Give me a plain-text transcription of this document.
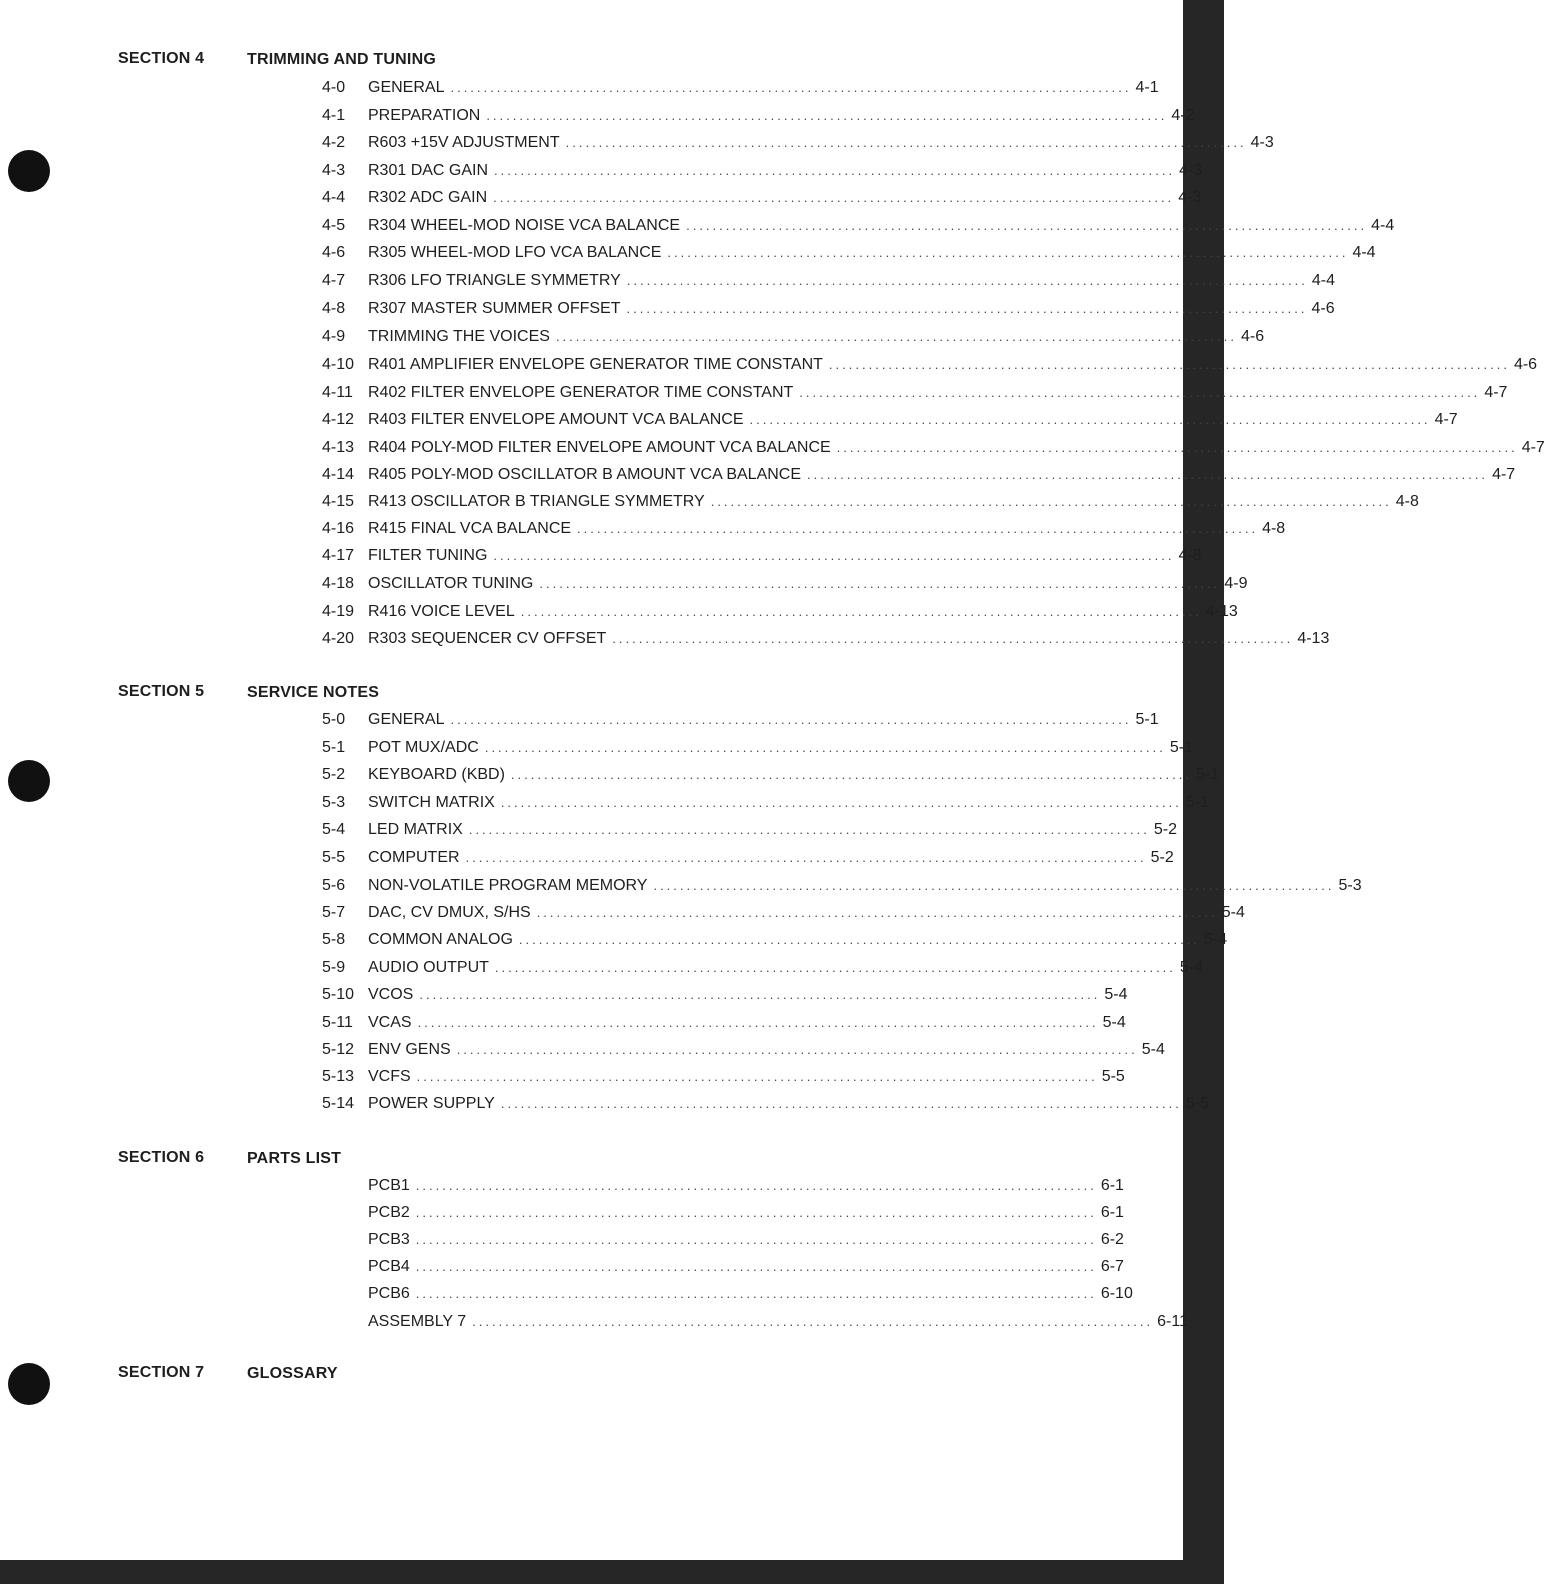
SECTION 4	TRIMMING AND TUNING
4-0	GENERAL ....................................................................................................... 4-1
4-1	PREPARATION ....................................................................................................... 4-2
4-2	R603 +15V ADJUSTMENT ....................................................................................................... 4-3
4-3	R301 DAC GAIN ....................................................................................................... 4-3
4-4	R302 ADC GAIN ....................................................................................................... 4-3
4-5	R304 WHEEL-MOD NOISE VCA BALANCE ....................................................................................................... 4-4
4-6	R305 WHEEL-MOD LFO VCA BALANCE ....................................................................................................... 4-4
4-7	R306 LFO TRIANGLE SYMMETRY ....................................................................................................... 4-4
4-8	R307 MASTER SUMMER OFFSET ....................................................................................................... 4-6
4-9	TRIMMING THE VOICES ....................................................................................................... 4-6
4-10 R401 AMPLIFIER ENVELOPE GENERATOR TIME CONSTANT ....................................................................................................... 4-6
4-11 R402 FILTER ENVELOPE GENERATOR TIME CONSTANT ....................................................................................................... 4-7
4-12 R403 FILTER ENVELOPE AMOUNT VCA BALANCE ....................................................................................................... 4-7
4-13 R404 POLY-MOD FILTER ENVELOPE AMOUNT VCA BALANCE ....................................................................................................... 4-7
4-14 R405 POLY-MOD OSCILLATOR B AMOUNT VCA BALANCE ....................................................................................................... 4-7
4-15 R413 OSCILLATOR B TRIANGLE SYMMETRY ....................................................................................................... 4-8
4-16 R415 FINAL VCA BALANCE ....................................................................................................... 4-8
4-17 FILTER TUNING ....................................................................................................... 4-8
4-18 OSCILLATOR TUNING ....................................................................................................... 4-9
4-19 R416 VOICE LEVEL ....................................................................................................... 4-13
4-20 R303 SEQUENCER CV OFFSET ....................................................................................................... 4-13
SECTION 5	SERVICE NOTES
5-0	GENERAL ....................................................................................................... 5-1
5-1	POT MUX/ADC ....................................................................................................... 5-1
5-2	KEYBOARD (KBD) ....................................................................................................... 5-1
5-3	SWITCH MATRIX ....................................................................................................... 5-1
5-4	LED MATRIX ....................................................................................................... 5-2
5-5	COMPUTER ....................................................................................................... 5-2
5-6	NON-VOLATILE PROGRAM MEMORY ....................................................................................................... 5-3
5-7	DAC, CV DMUX, S/HS ....................................................................................................... 5-4
5-8	COMMON ANALOG ....................................................................................................... 5-4
5-9	AUDIO OUTPUT ....................................................................................................... 5-4
5-10 VCOS ....................................................................................................... 5-4
5-11 VCAS ....................................................................................................... 5-4
5-12 ENV GENS ....................................................................................................... 5-4
5-13 VCFS ....................................................................................................... 5-5
5-14 POWER SUPPLY ....................................................................................................... 5-5
SECTION 6	PARTS LIST
PCB1 ....................................................................................................... 6-1
PCB2 ....................................................................................................... 6-1
PCB3 ....................................................................................................... 6-2
PCB4 ....................................................................................................... 6-7
PCB6 ....................................................................................................... 6-10
ASSEMBLY 7 ....................................................................................................... 6-11
SECTION 7	GLOSSARY
